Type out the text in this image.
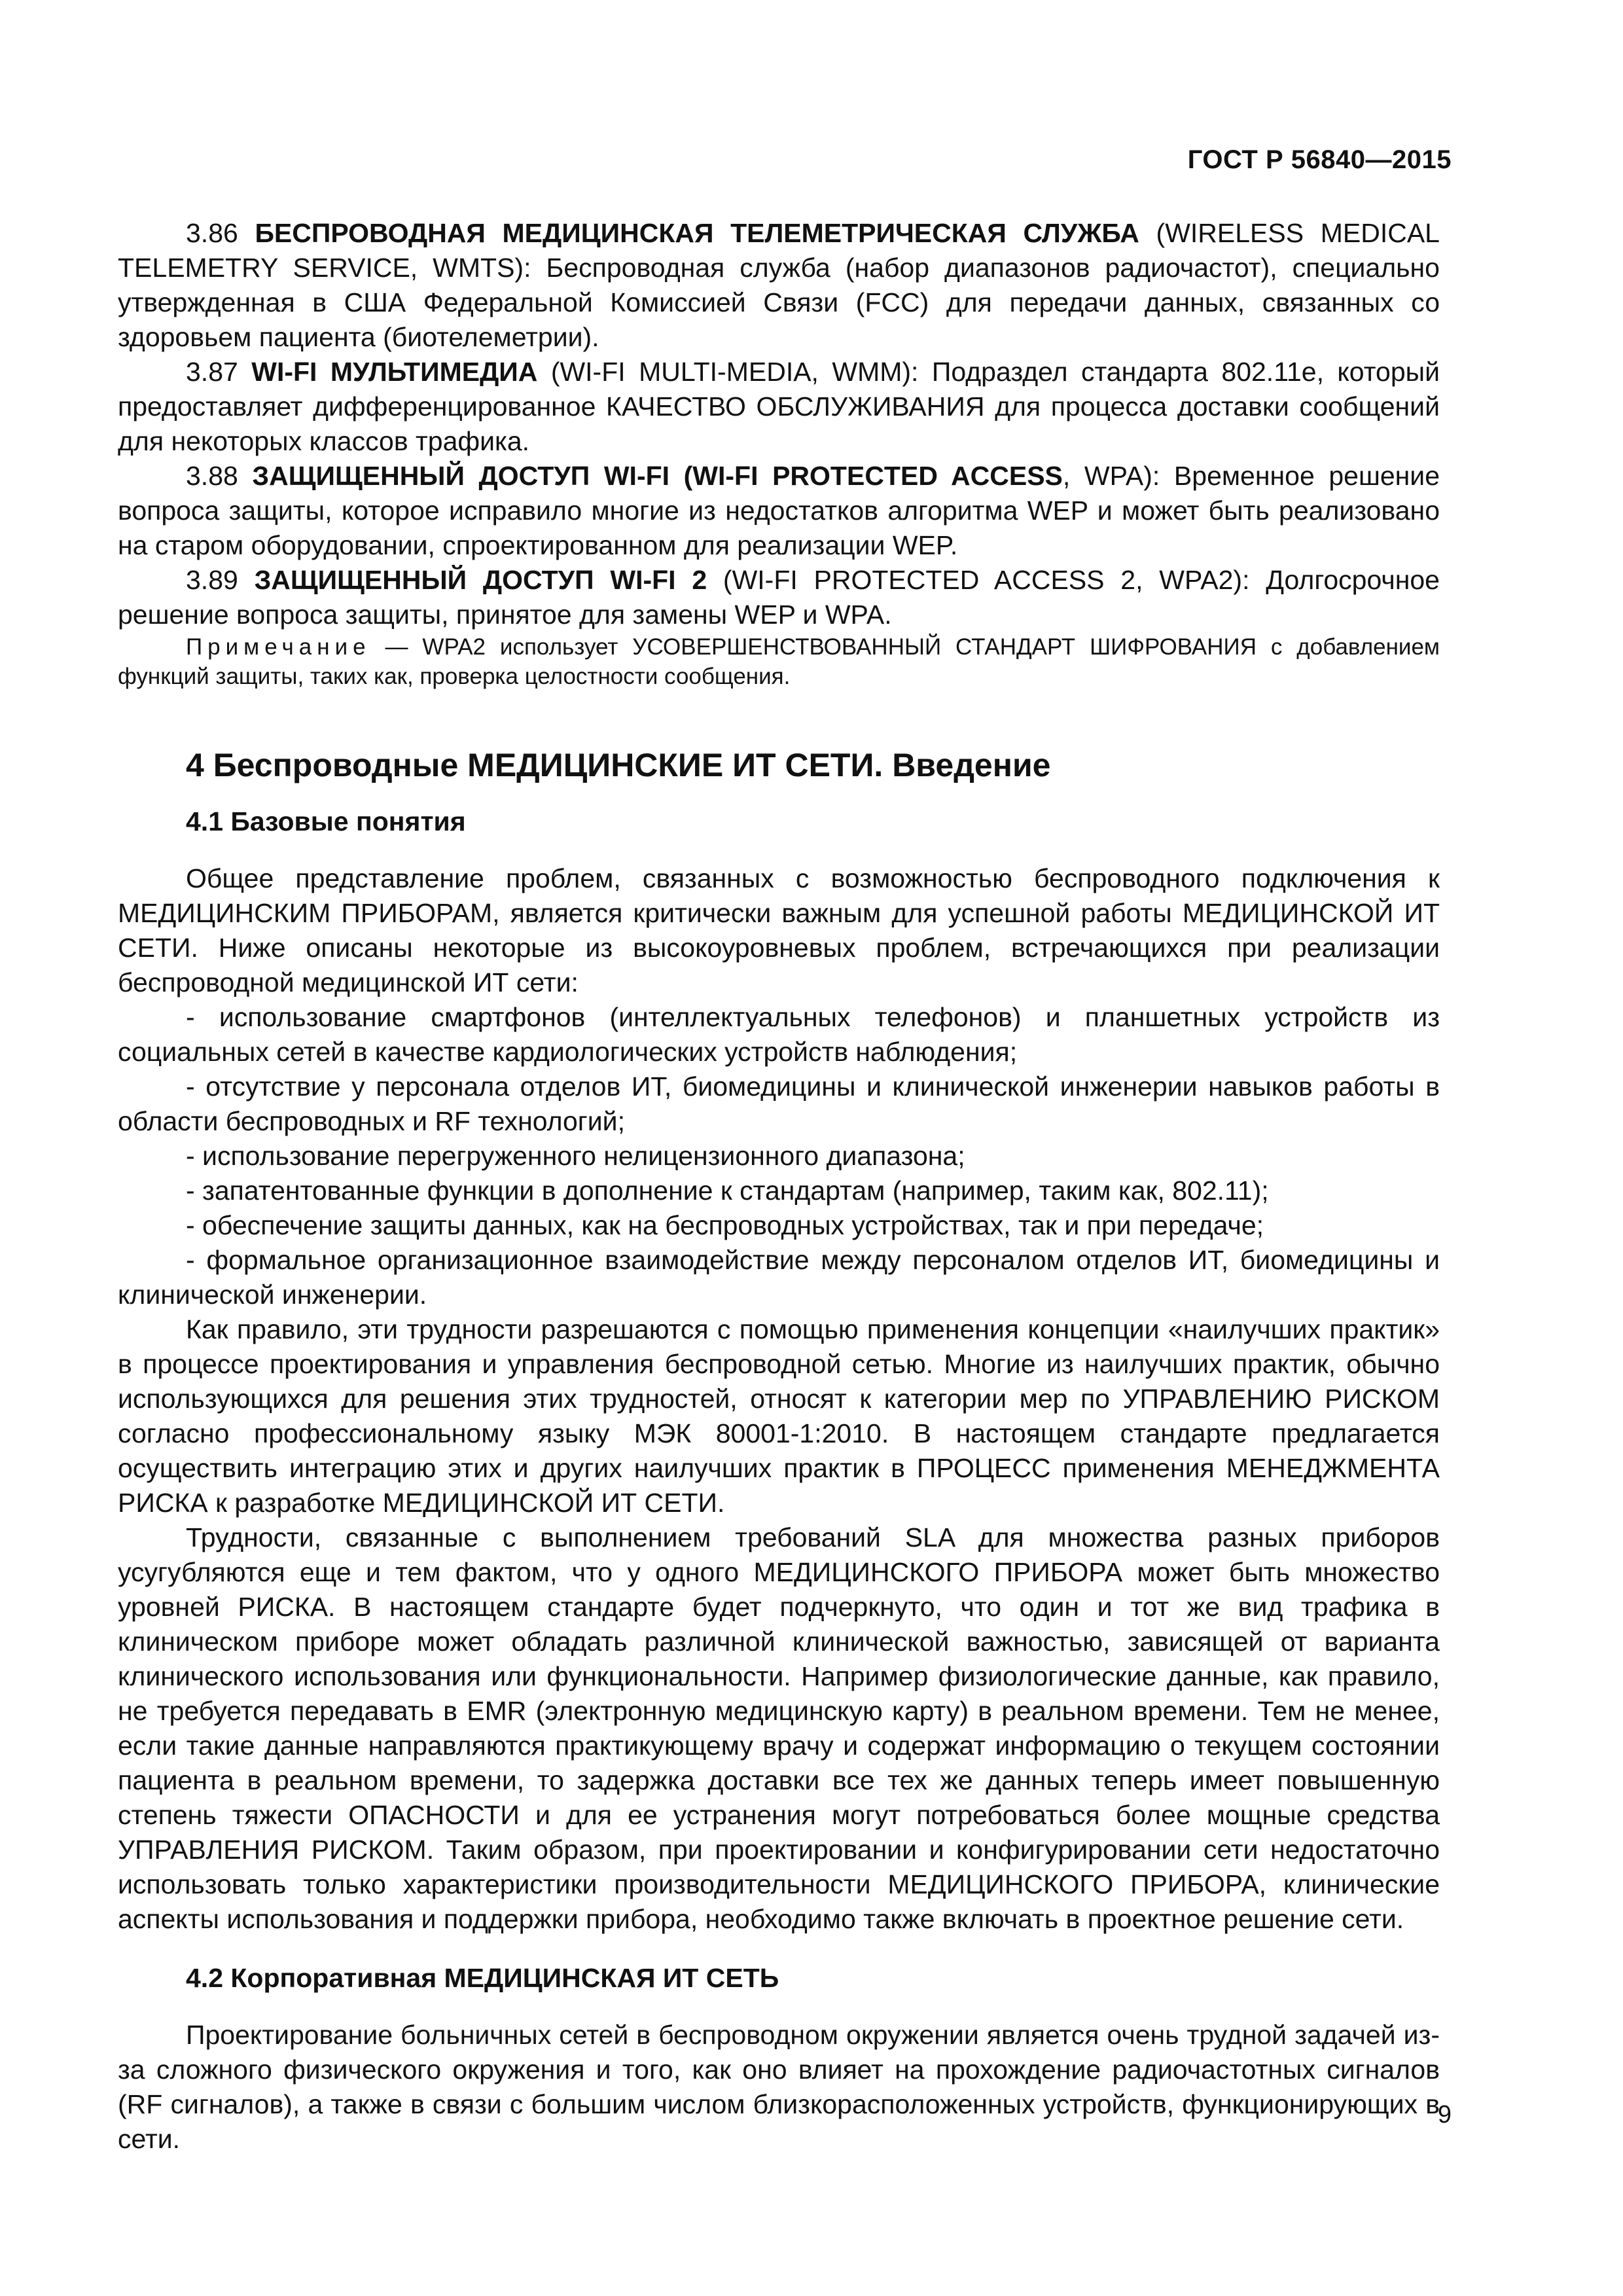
ГОСТ Р 56840—2015

3.86 БЕСПРОВОДНАЯ МЕДИЦИНСКАЯ ТЕЛЕМЕТРИЧЕСКАЯ СЛУЖБА (WIRELESS MEDICAL TELEMETRY SERVICE, WMTS): Беспроводная служба (набор диапазонов радиочастот), специально утвержденная в США Федеральной Комиссией Связи (FCC) для передачи данных, связанных со здоровьем пациента (биотелеметрии).

3.87 WI-FI МУЛЬТИМЕДИА (WI-FI MULTI-MEDIA, WMM): Подраздел стандарта 802.11e, который предоставляет дифференцированное КАЧЕСТВО ОБСЛУЖИВАНИЯ для процесса доставки сообщений для некоторых классов трафика.

3.88 ЗАЩИЩЕННЫЙ ДОСТУП WI-FI (WI-FI PROTECTED ACCESS, WPA): Временное решение вопроса защиты, которое исправило многие из недостатков алгоритма WEP и может быть реализовано на старом оборудовании, спроектированном для реализации WEP.

3.89 ЗАЩИЩЕННЫЙ ДОСТУП WI-FI 2 (WI-FI PROTECTED ACCESS 2, WPA2): Долгосрочное решение вопроса защиты, принятое для замены WEP и WPA.

Примечание — WPA2 использует УСОВЕРШЕНСТВОВАННЫЙ СТАНДАРТ ШИФРОВАНИЯ с добавлением функций защиты, таких как, проверка целостности сообщения.

4 Беспроводные МЕДИЦИНСКИЕ ИТ СЕТИ. Введение
4.1 Базовые понятия

Общее представление проблем, связанных с возможностью беспроводного подключения к МЕДИЦИНСКИМ ПРИБОРАМ, является критически важным для успешной работы МЕДИЦИНСКОЙ ИТ СЕТИ. Ниже описаны некоторые из высокоуровневых проблем, встречающихся при реализации беспроводной медицинской ИТ сети:

- использование смартфонов (интеллектуальных телефонов) и планшетных устройств из социальных сетей в качестве кардиологических устройств наблюдения;

- отсутствие у персонала отделов ИТ, биомедицины и клинической инженерии навыков работы в области беспроводных и RF технологий;

- использование перегруженного нелицензионного диапазона;

- запатентованные функции в дополнение к стандартам (например, таким как, 802.11);

- обеспечение защиты данных, как на беспроводных устройствах, так и при передаче;

- формальное организационное взаимодействие между персоналом отделов ИТ, биомедицины и клинической инженерии.

Как правило, эти трудности разрешаются с помощью применения концепции «наилучших практик» в процессе проектирования и управления беспроводной сетью. Многие из наилучших практик, обычно использующихся для решения этих трудностей, относят к категории мер по УПРАВЛЕНИЮ РИСКОМ согласно профессиональному языку МЭК 80001-1:2010. В настоящем стандарте предлагается осуществить интеграцию этих и других наилучших практик в ПРОЦЕСС применения МЕНЕДЖМЕНТА РИСКА к разработке МЕДИЦИНСКОЙ ИТ СЕТИ.

Трудности, связанные с выполнением требований SLA для множества разных приборов усугубляются еще и тем фактом, что у одного МЕДИЦИНСКОГО ПРИБОРА может быть множество уровней РИСКА. В настоящем стандарте будет подчеркнуто, что один и тот же вид трафика в клиническом приборе может обладать различной клинической важностью, зависящей от варианта клинического использования или функциональности. Например физиологические данные, как правило, не требуется передавать в EMR (электронную медицинскую карту) в реальном времени. Тем не менее, если такие данные направляются практикующему врачу и содержат информацию о текущем состоянии пациента в реальном времени, то задержка доставки все тех же данных теперь имеет повышенную степень тяжести ОПАСНОСТИ и для ее устранения могут потребоваться более мощные средства УПРАВЛЕНИЯ РИСКОМ. Таким образом, при проектировании и конфигурировании сети недостаточно использовать только характеристики производительности МЕДИЦИНСКОГО ПРИБОРА, клинические аспекты использования и поддержки прибора, необходимо также включать в проектное решение сети.

4.2 Корпоративная МЕДИЦИНСКАЯ ИТ СЕТЬ

Проектирование больничных сетей в беспроводном окружении является очень трудной задачей из-за сложного физического окружения и того, как оно влияет на прохождение радиочастотных сигналов (RF сигналов), а также в связи с большим числом близкорасположенных устройств, функционирующих в сети.

9
